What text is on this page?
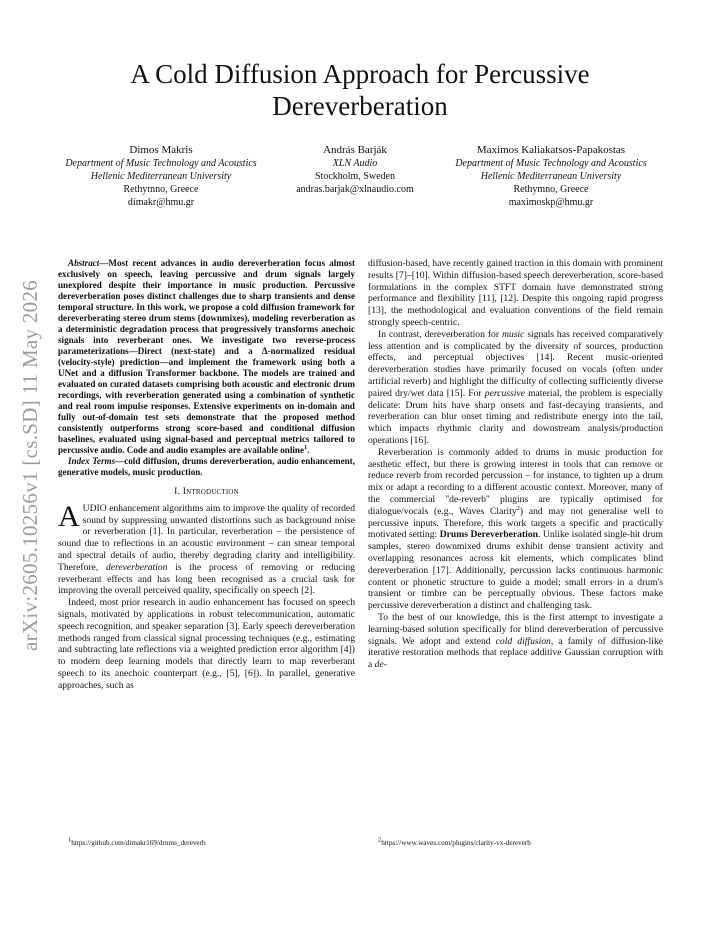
A Cold Diffusion Approach for Percussive
Dereverberation
Dimos Makris
Department of Music Technology and Acoustics
Hellenic Mediterranean University
Rethymno, Greece
dimakr@hmu.gr
András Barják
XLN Audio
Stockholm, Sweden
andras.barjak@xlnaudio.com
Maximos Kaliakatsos-Papakostas
Department of Music Technology and Acoustics
Hellenic Mediterranean University
Rethymno, Greece
maximoskp@hmu.gr
arXiv:2605.10256v1 [cs.SD] 11 May 2026

Abstract—Most recent advances in audio dereverberation focus almost exclusively on speech, leaving percussive and drum signals largely unexplored despite their importance in music production. Percussive dereverberation poses distinct challenges due to sharp transients and dense temporal structure. In this work, we propose a cold diffusion framework for dereverberating stereo drum stems (downmixes), modeling reverberation as a deterministic degradation process that progressively transforms anechoic signals into reverberant ones. We investigate two reverse-process parameterizations—Direct (next-state) and a Δ-normalized residual (velocity-style) prediction—and implement the framework using both a UNet and a diffusion Transformer backbone. The models are trained and evaluated on curated datasets comprising both acoustic and electronic drum recordings, with reverberation generated using a combination of synthetic and real room impulse responses. Extensive experiments on in-domain and fully out-of-domain test sets demonstrate that the proposed method consistently outperforms strong score-based and conditional diffusion baselines, evaluated using signal-based and perceptual metrics tailored to percussive audio. Code and audio examples are available online$^1$.

Index Terms—cold diffusion, drums dereverberation, audio enhancement, generative models, music production.

I. Introduction

AUDIO enhancement algorithms aim to improve the quality of recorded sound by suppressing unwanted distortions such as background noise or reverberation [1]. In particular, reverberation – the persistence of sound due to reflections in an acoustic environment – can smear temporal and spectral details of audio, thereby degrading clarity and intelligibility. Therefore, dereverberation is the process of removing or reducing reverberant effects and has long been recognised as a crucial task for improving the overall perceived quality, specifically on speech [2].

Indeed, most prior research in audio enhancement has focused on speech signals, motivated by applications in robust telecommunication, automatic speech recognition, and speaker separation [3]. Early speech dereverberation methods ranged from classical signal processing techniques (e.g., estimating and subtracting late reflections via a weighted prediction error algorithm [4]) to modern deep learning models that directly learn to map reverberant speech to its anechoic counterpart (e.g., [5], [6]). In parallel, generative approaches, such as

diffusion-based, have recently gained traction in this domain with prominent results [7]–[10]. Within diffusion-based speech dereverberation, score-based formulations in the complex STFT domain have demonstrated strong performance and flexibility [11], [12]. Despite this ongoing rapid progress [13], the methodological and evaluation conventions of the field remain strongly speech-centric.

In contrast, dereverberation for music signals has received comparatively less attention and is complicated by the diversity of sources, production effects, and perceptual objectives [14]. Recent music-oriented dereverberation studies have primarily focused on vocals (often under artificial reverb) and highlight the difficulty of collecting sufficiently diverse paired dry/wet data [15]. For percussive material, the problem is especially delicate: Drum hits have sharp onsets and fast-decaying transients, and reverberation can blur onset timing and redistribute energy into the tail, which impacts rhythmic clarity and downstream analysis/production operations [16].

Reverberation is commonly added to drums in music production for aesthetic effect, but there is growing interest in tools that can remove or reduce reverb from recorded percussion – for instance, to tighten up a drum mix or adapt a recording to a different acoustic context. Moreover, many of the commercial "de-reverb" plugins are typically optimised for dialogue/vocals (e.g., Waves Clarity$^2$) and may not generalise well to percussive inputs. Therefore, this work targets a specific and practically motivated setting: Drums Dereverberation. Unlike isolated single-hit drum samples, stereo downmixed drums exhibit dense transient activity and overlapping resonances across kit elements, which complicates blind dereverberation [17]. Additionally, percussion lacks continuous harmonic content or phonetic structure to guide a model; small errors in a drum's transient or timbre can be perceptually obvious. These factors make percussive dereverberation a distinct and challenging task.

To the best of our knowledge, this is the first attempt to investigate a learning-based solution specifically for blind dereverberation of percussive signals. We adopt and extend cold diffusion, a family of diffusion-like iterative restoration methods that replace additive Gaussian corruption with a de-

$^1$https://github.com/dimakr169/drums_dereverb	$^2$https://www.waves.com/plugins/clarity-vx-dereverb
